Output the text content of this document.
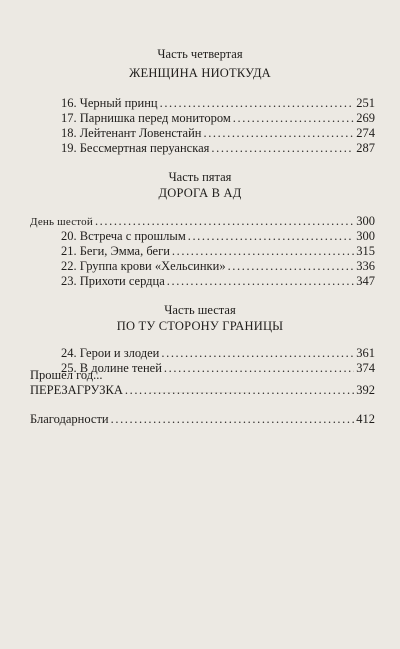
Часть четвертая
ЖЕНЩИНА НИОТКУДА
16. Черный принц .....	251
17. Парнишка перед монитором .....	269
18. Лейтенант Ловенстайн .....	274
19. Бессмертная перуанская .....	287
Часть пятая
ДОРОГА В АД
День шестой .....	300
20. Встреча с прошлым .....	300
21. Беги, Эмма, беги .....	315
22. Группа крови «Хельсинки» .....	336
23. Прихоти сердца .....	347
Часть шестая
ПО ТУ СТОРОНУ ГРАНИЦЫ
24. Герои и злодеи .....	361
25. В долине теней .....	374
Прошел год...
ПЕРЕЗАГРУЗКА .....	392
Благодарности .....	412
